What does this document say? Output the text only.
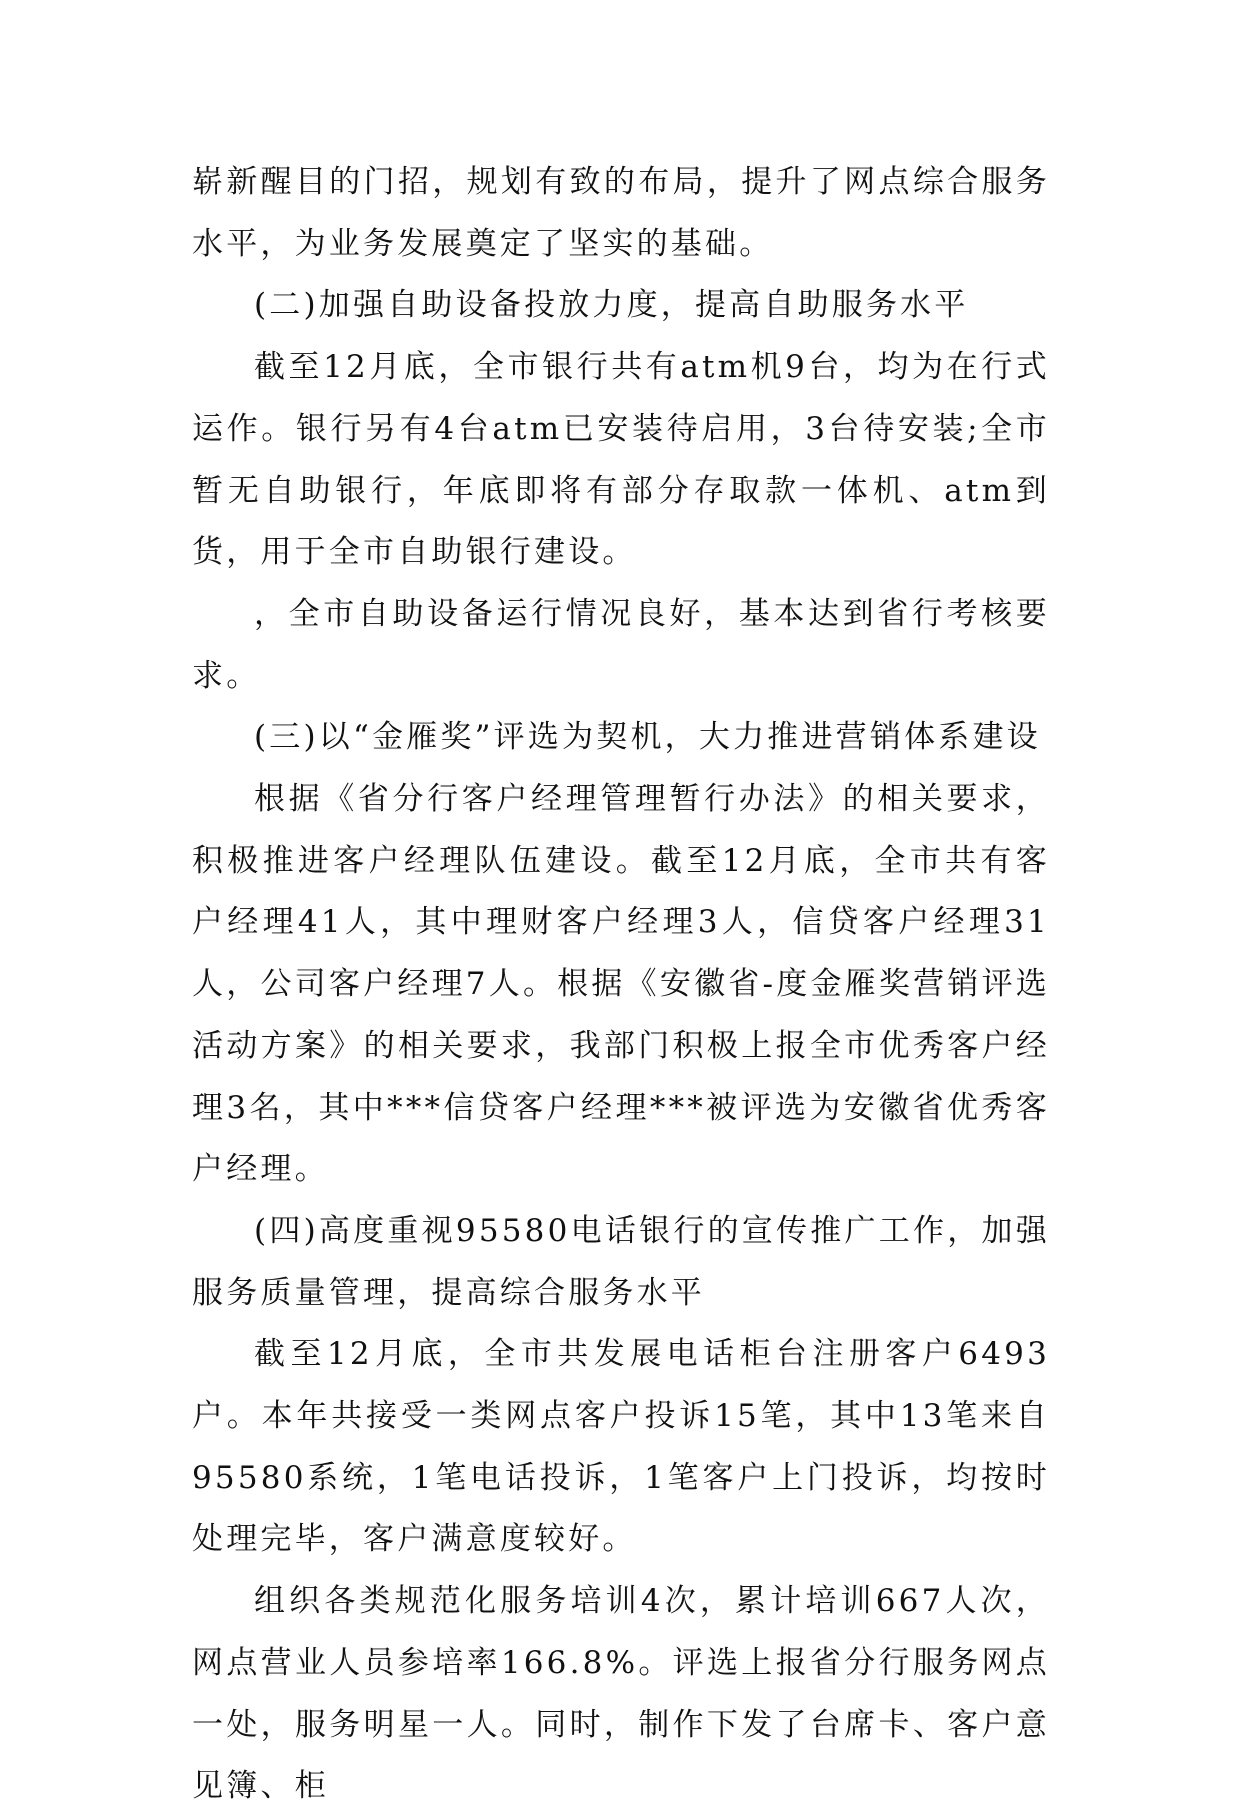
崭新醒目的门招，规划有致的布局，提升了网点综合服务水平，为业务发展奠定了坚实的基础。

(二)加强自助设备投放力度，提高自助服务水平

截至12月底，全市银行共有atm机9台，均为在行式运作。银行另有4台atm已安装待启用，3台待安装;全市暂无自助银行，年底即将有部分存取款一体机、atm到货，用于全市自助银行建设。

，全市自助设备运行情况良好，基本达到省行考核要求。

(三)以“金雁奖”评选为契机，大力推进营销体系建设

根据《省分行客户经理管理暂行办法》的相关要求，积极推进客户经理队伍建设。截至12月底，全市共有客户经理41人，其中理财客户经理3人，信贷客户经理31人，公司客户经理7人。根据《安徽省-度金雁奖营销评选活动方案》的相关要求，我部门积极上报全市优秀客户经理3名，其中***信贷客户经理***被评选为安徽省优秀客户经理。

(四)高度重视95580电话银行的宣传推广工作，加强服务质量管理，提高综合服务水平

截至12月底，全市共发展电话柜台注册客户6493户。本年共接受一类网点客户投诉15笔，其中13笔来自95580系统，1笔电话投诉，1笔客户上门投诉，均按时处理完毕，客户满意度较好。

组织各类规范化服务培训4次，累计培训667人次，网点营业人员参培率166.8%。评选上报省分行服务网点一处，服务明星一人。同时，制作下发了台席卡、客户意见簿、柜
